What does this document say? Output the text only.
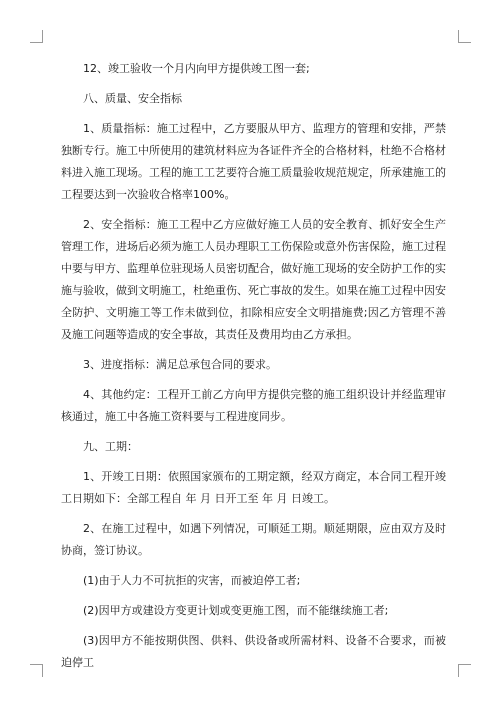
12、竣工验收一个月内向甲方提供竣工图一套;

八、质量、安全指标

1、质量指标：施工过程中，乙方要服从甲方、监理方的管理和安排，严禁独断专行。施工中所使用的建筑材料应为各证件齐全的合格材料，杜绝不合格材料进入施工现场。工程的施工工艺要符合施工质量验收规范规定，所承建施工的工程要达到一次验收合格率100%。

2、安全指标：施工工程中乙方应做好施工人员的安全教育、抓好安全生产管理工作，进场后必须为施工人员办理职工工伤保险或意外伤害保险，施工过程中要与甲方、监理单位驻现场人员密切配合，做好施工现场的安全防护工作的实施与验收，做到文明施工，杜绝重伤、死亡事故的发生。如果在施工过程中因安全防护、文明施工等工作未做到位，扣除相应安全文明措施费;因乙方管理不善及施工问题等造成的安全事故，其责任及费用均由乙方承担。

3、进度指标：满足总承包合同的要求。

4、其他约定：工程开工前乙方向甲方提供完整的施工组织设计并经监理审核通过，施工中各施工资料要与工程进度同步。

九、工期：

1、开竣工日期：依照国家颁布的工期定额，经双方商定，本合同工程开竣工日期如下：全部工程自 年 月 日开工至 年 月 日竣工。

2、在施工过程中，如遇下列情况，可顺延工期。顺延期限，应由双方及时协商，签订协议。

(1)由于人力不可抗拒的灾害，而被迫停工者;

(2)因甲方或建设方变更计划或变更施工图，而不能继续施工者;

(3)因甲方不能按期供图、供料、供设备或所需材料、设备不合要求，而被迫停工
